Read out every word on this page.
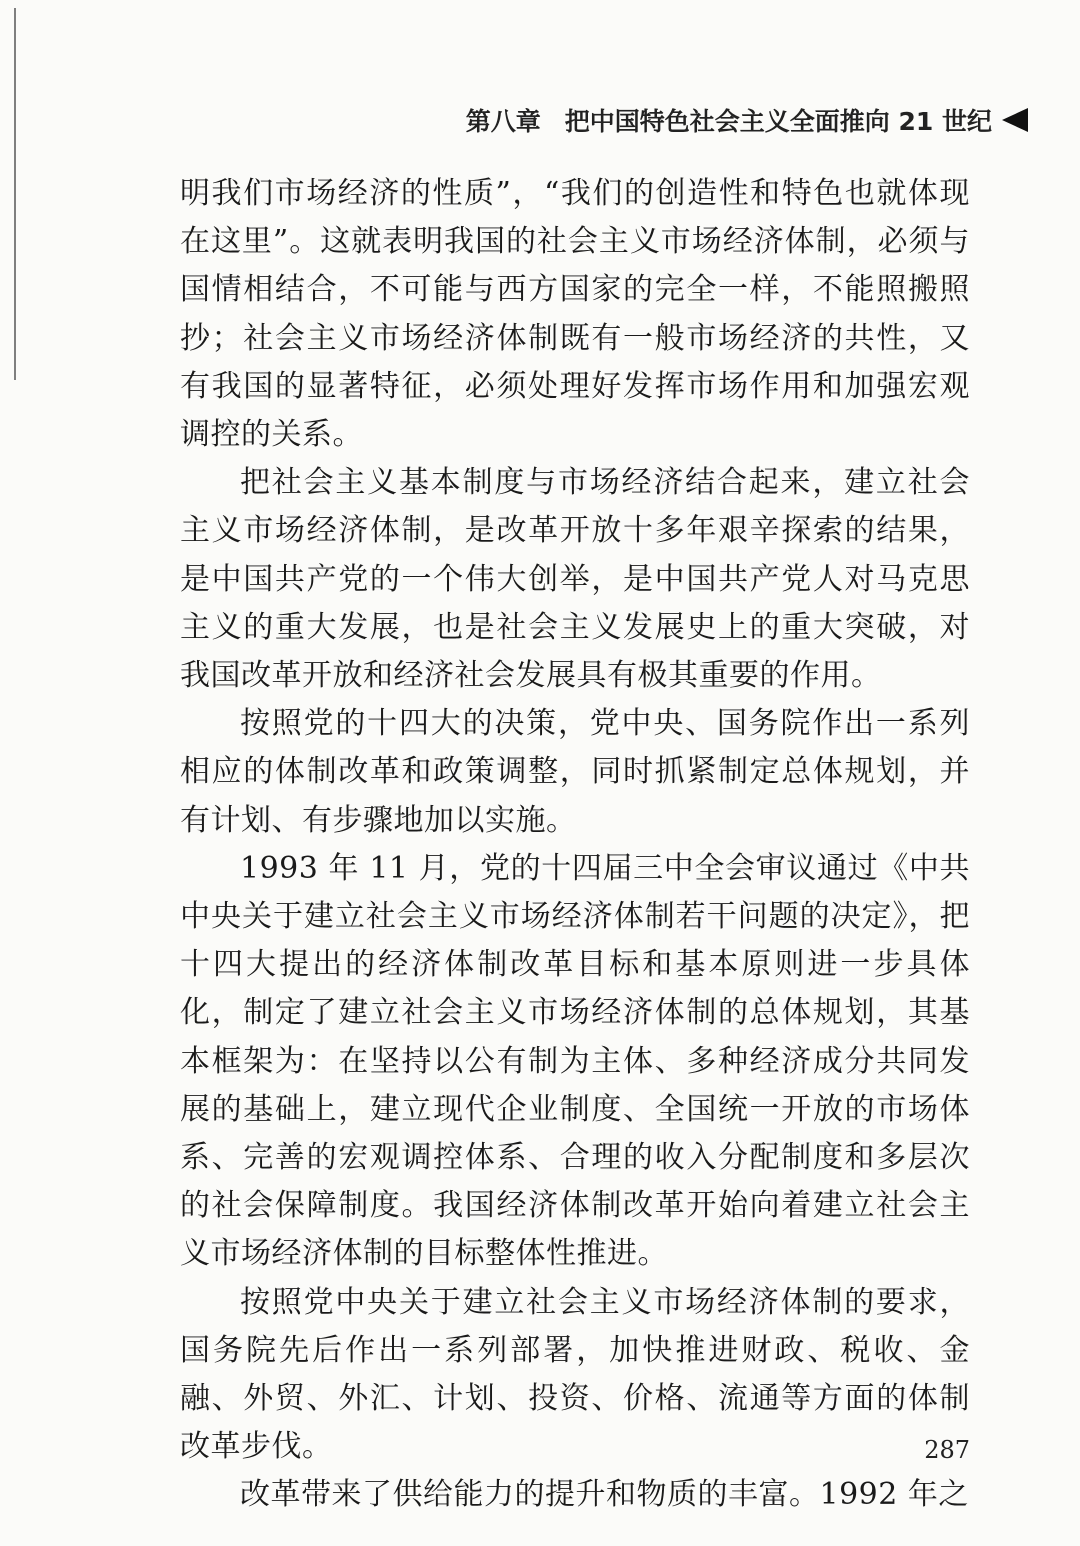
第八章 把中国特色社会主义全面推向 21 世纪

明我们市场经济的性质”，“我们的创造性和特色也就体现在这里”。这就表明我国的社会主义市场经济体制，必须与国情相结合，不可能与西方国家的完全一样，不能照搬照抄；社会主义市场经济体制既有一般市场经济的共性，又有我国的显著特征，必须处理好发挥市场作用和加强宏观调控的关系。

把社会主义基本制度与市场经济结合起来，建立社会主义市场经济体制，是改革开放十多年艰辛探索的结果，是中国共产党的一个伟大创举，是中国共产党人对马克思主义的重大发展，也是社会主义发展史上的重大突破，对我国改革开放和经济社会发展具有极其重要的作用。

按照党的十四大的决策，党中央、国务院作出一系列相应的体制改革和政策调整，同时抓紧制定总体规划，并有计划、有步骤地加以实施。

1993 年 11 月，党的十四届三中全会审议通过《中共中央关于建立社会主义市场经济体制若干问题的决定》，把十四大提出的经济体制改革目标和基本原则进一步具体化，制定了建立社会主义市场经济体制的总体规划，其基本框架为：在坚持以公有制为主体、多种经济成分共同发展的基础上，建立现代企业制度、全国统一开放的市场体系、完善的宏观调控体系、合理的收入分配制度和多层次的社会保障制度。我国经济体制改革开始向着建立社会主义市场经济体制的目标整体性推进。

按照党中央关于建立社会主义市场经济体制的要求，国务院先后作出一系列部署，加快推进财政、税收、金融、外贸、外汇、计划、投资、价格、流通等方面的体制改革步伐。

改革带来了供给能力的提升和物质的丰富。1992 年之

287
